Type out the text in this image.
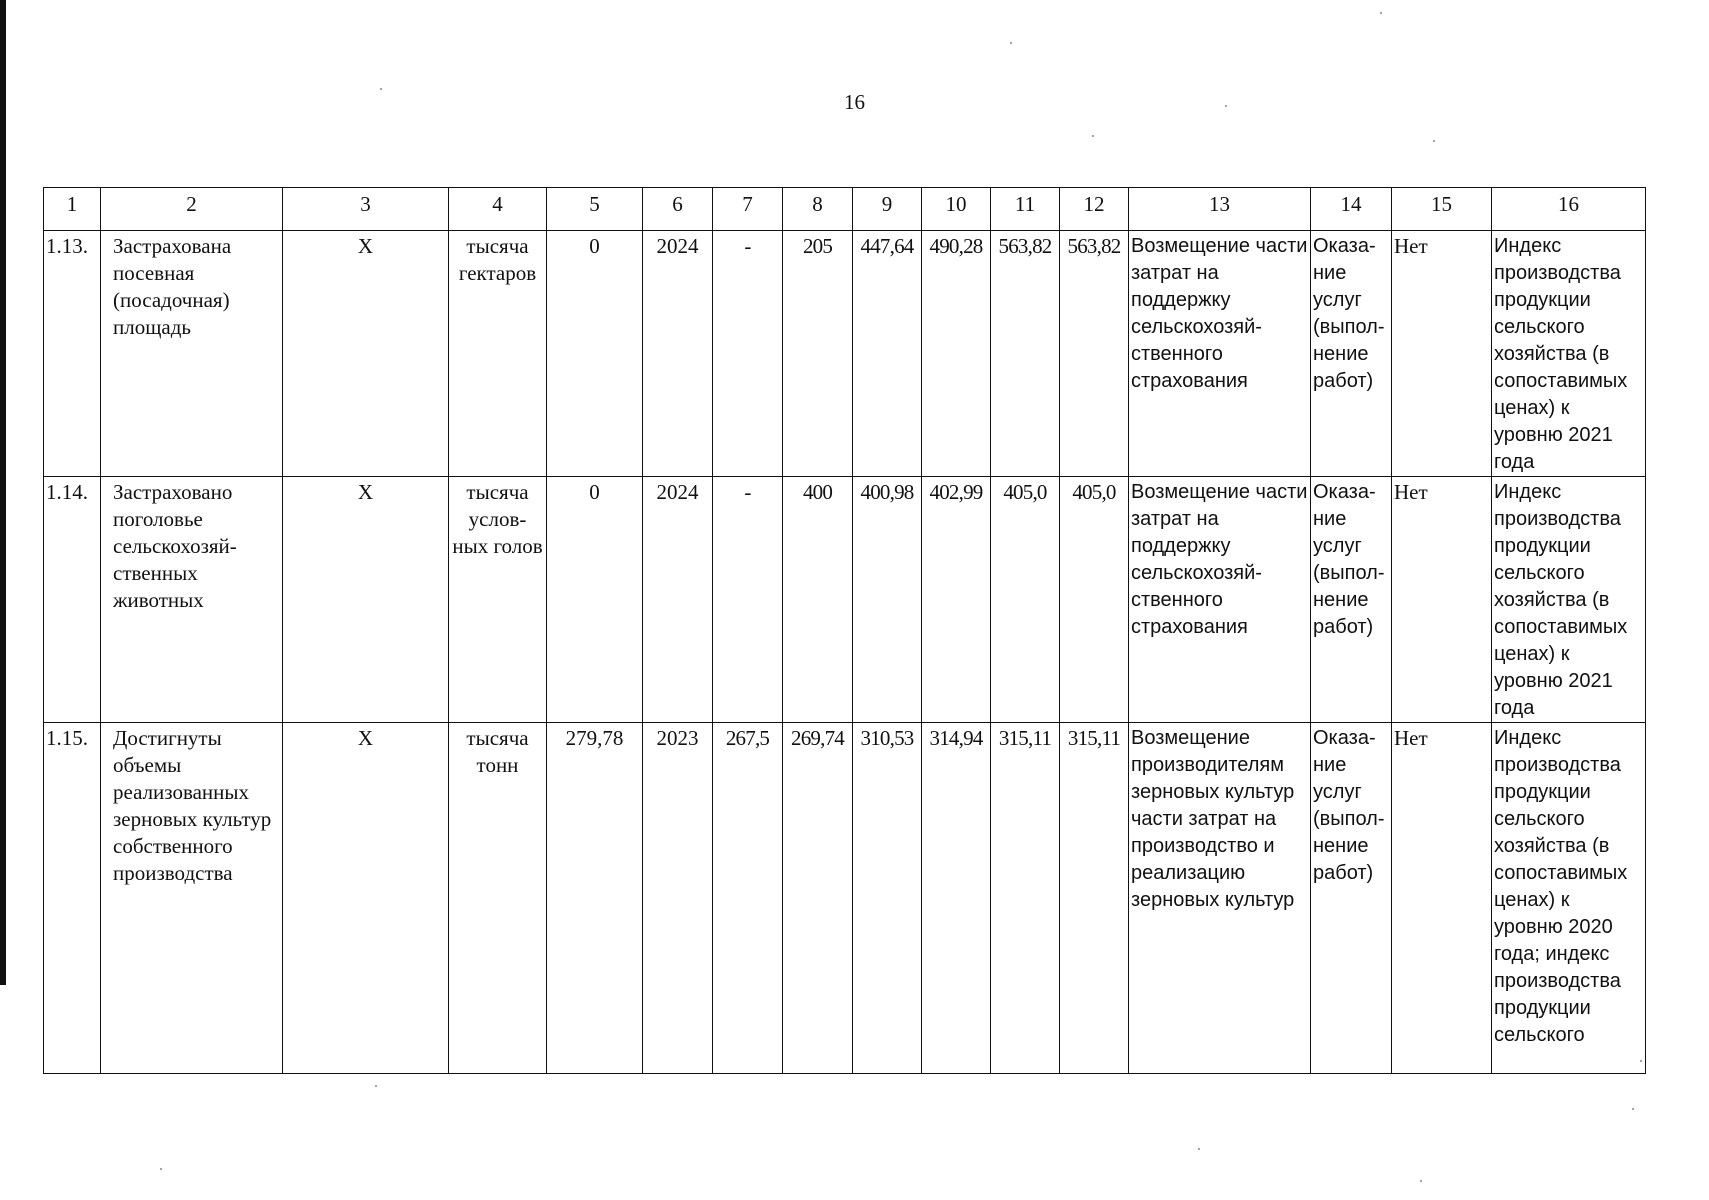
16
1	2	3	4	5	6	7	8	9	10	11	12	13	14	15	16
1.13.	Застрахована посевная (посадочная) площадь	Х	тысяча гектаров	0	2024	-	205	447,64	490,28	563,82	563,82	Возмещение части затрат на поддержку сельскохозяй-ственного страхования	Оказа-ние услуг (выпол-нение работ)	Нет	Индекс производства продукции сельского хозяйства (в сопоставимых ценах) к уровню 2021 года
1.14.	Застраховано поголовье сельскохозяй-ственных животных	Х	тысяча услов-ных голов	0	2024	-	400	400,98	402,99	405,0	405,0	Возмещение части затрат на поддержку сельскохозяй-ственного страхования	Оказа-ние услуг (выпол-нение работ)	Нет	Индекс производства продукции сельского хозяйства (в сопоставимых ценах) к уровню 2021 года
1.15.	Достигнуты объемы реализованных зерновых культур собственного производства	Х	тысяча тонн	279,78	2023	267,5	269,74	310,53	314,94	315,11	315,11	Возмещение производителям зерновых культур части затрат на производство и реализацию зерновых культур	Оказа-ние услуг (выпол-нение работ)	Нет	Индекс производства продукции сельского хозяйства (в сопоставимых ценах) к уровню 2020 года; индекс производства продукции сельского
